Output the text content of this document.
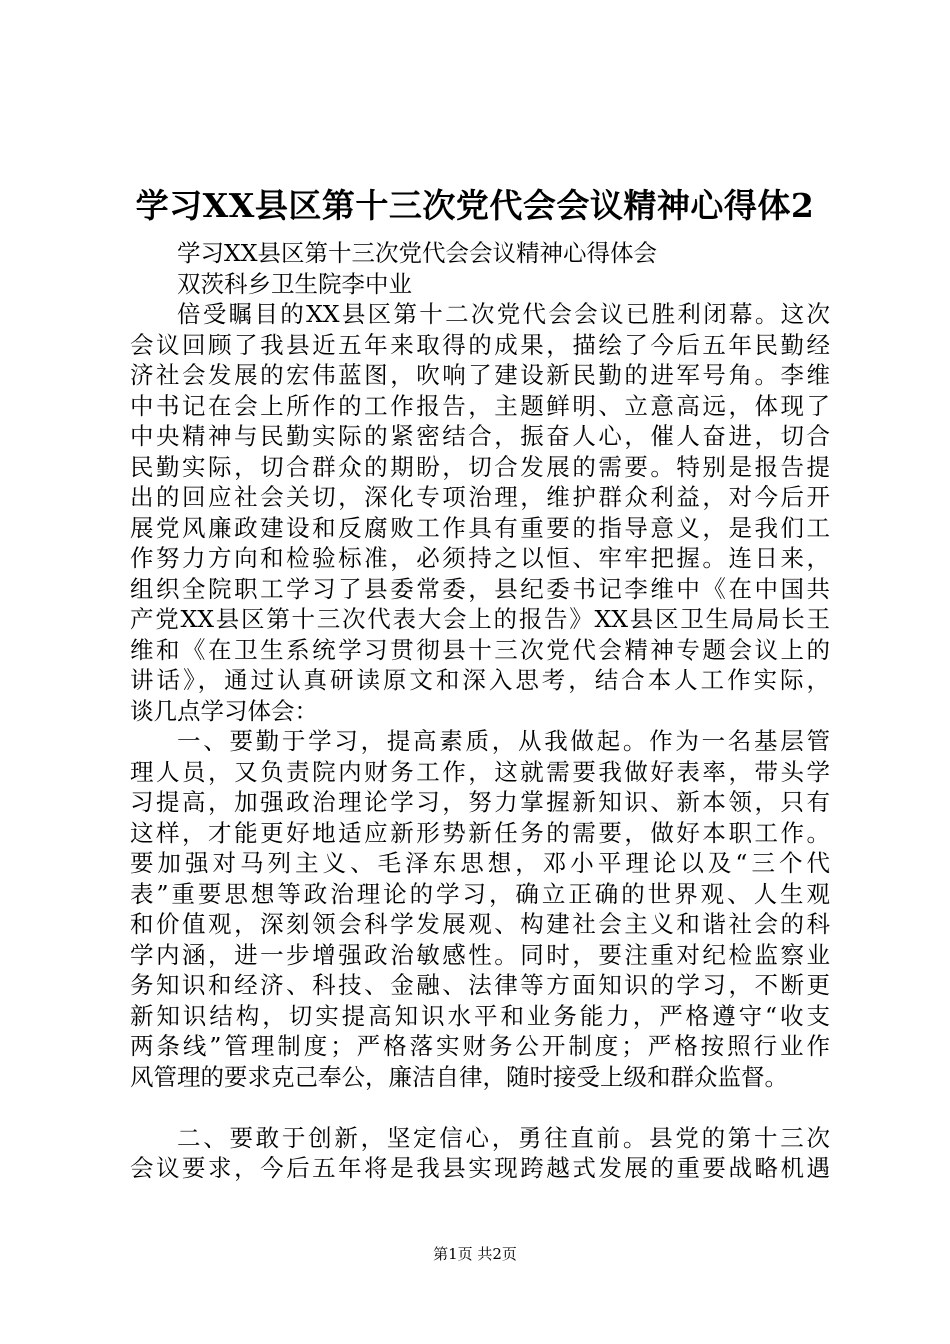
学习XX县区第十三次党代会会议精神心得体2
学习XX县区第十三次党代会会议精神心得体会
双茨科乡卫生院李中业
倍受瞩目的XX县区第十二次党代会会议已胜利闭幕。这次
会议回顾了我县近五年来取得的成果，描绘了今后五年民勤经
济社会发展的宏伟蓝图，吹响了建设新民勤的进军号角。李维
中书记在会上所作的工作报告，主题鲜明、立意高远，体现了
中央精神与民勤实际的紧密结合，振奋人心，催人奋进，切合
民勤实际，切合群众的期盼，切合发展的需要。特别是报告提
出的回应社会关切，深化专项治理，维护群众利益，对今后开
展党风廉政建设和反腐败工作具有重要的指导意义，是我们工
作努力方向和检验标准，必须持之以恒、牢牢把握。连日来，
组织全院职工学习了县委常委，县纪委书记李维中《在中国共
产党XX县区第十三次代表大会上的报告》XX县区卫生局局长王
维和《在卫生系统学习贯彻县十三次党代会精神专题会议上的
讲话》，通过认真研读原文和深入思考，结合本人工作实际，
谈几点学习体会：
一、要勤于学习，提高素质，从我做起。作为一名基层管
理人员，又负责院内财务工作，这就需要我做好表率，带头学
习提高，加强政治理论学习，努力掌握新知识、新本领，只有
这样，才能更好地适应新形势新任务的需要，做好本职工作。
要加强对马列主义、毛泽东思想，邓小平理论以及“三个代
表”重要思想等政治理论的学习，确立正确的世界观、人生观
和价值观，深刻领会科学发展观、构建社会主义和谐社会的科
学内涵，进一步增强政治敏感性。同时，要注重对纪检监察业
务知识和经济、科技、金融、法律等方面知识的学习，不断更
新知识结构，切实提高知识水平和业务能力，严格遵守“收支
两条线”管理制度；严格落实财务公开制度；严格按照行业作
风管理的要求克己奉公，廉洁自律，随时接受上级和群众监督。
二、要敢于创新，坚定信心，勇往直前。县党的第十三次
会议要求，今后五年将是我县实现跨越式发展的重要战略机遇
第1页 共2页
